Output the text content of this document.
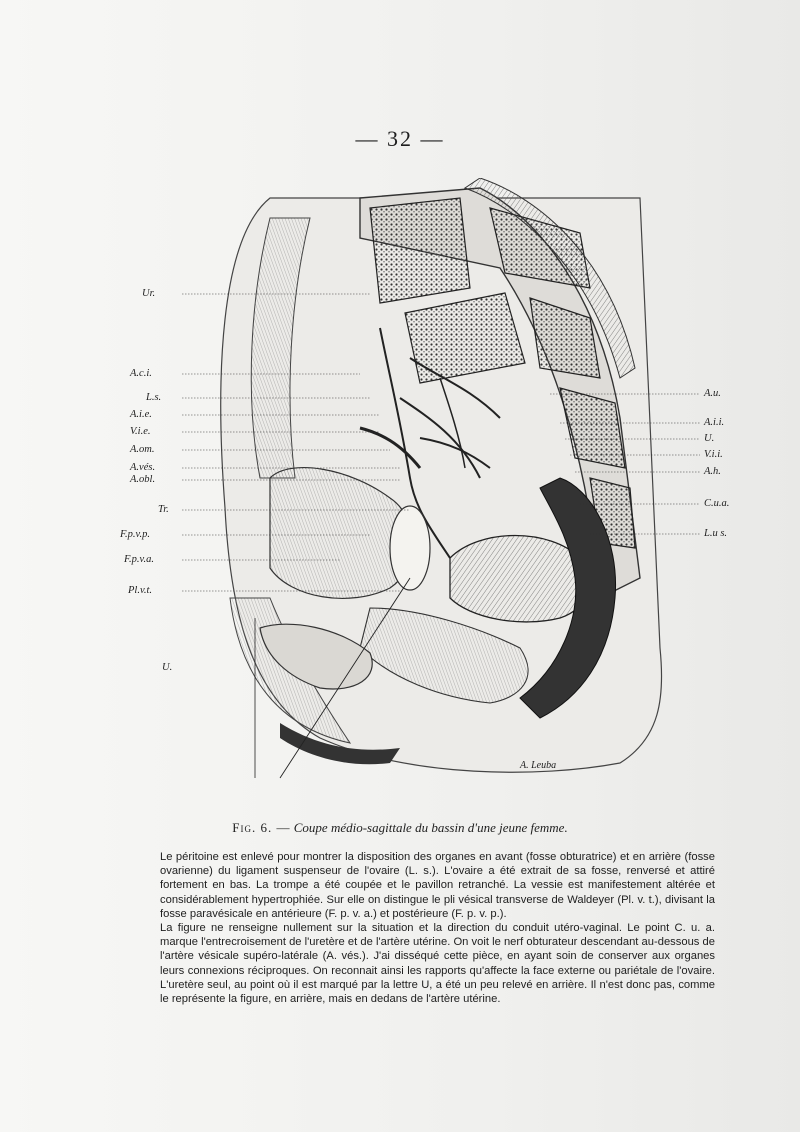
— 32 —
Ur.
A.c.i.
L.s.
A.i.e.
V.i.e.
A.om.
A.vés.
A.obl.
Tr.
F.p.v.p.
F.p.v.a.
Pl.v.t.
U.
A.u.
A.i.i.
U.
V.i.i.
A.h.
C.u.a.
L.u s.
A. Leuba
Fig. 6. — Coupe médio-sagittale du bassin d'une jeune femme.

Le péritoine est enlevé pour montrer la disposition des organes en avant (fosse obturatrice) et en arrière (fosse ovarienne) du ligament suspenseur de l'ovaire (L. s.). L'ovaire a été extrait de sa fosse, renversé et attiré fortement en bas. La trompe a été coupée et le pavillon retranché. La vessie est manifestement altérée et considérablement hypertrophiée. Sur elle on distingue le pli vésical transverse de Waldeyer (Pl. v. t.), divisant la fosse paravésicale en antérieure (F. p. v. a.) et postérieure (F. p. v. p.).

La figure ne renseigne nullement sur la situation et la direction du conduit utéro-vaginal. Le point C. u. a. marque l'entrecroisement de l'uretère et de l'artère utérine. On voit le nerf obturateur descendant au-dessous de l'artère vésicale supéro-latérale (A. vés.). J'ai disséqué cette pièce, en ayant soin de conserver aux organes leurs connexions réciproques. On reconnait ainsi les rapports qu'affecte la face externe ou pariétale de l'ovaire. L'uretère seul, au point où il est marqué par la lettre U, a été un peu relevé en arrière. Il n'est donc pas, comme le représente la figure, en arrière, mais en dedans de l'artère utérine.
